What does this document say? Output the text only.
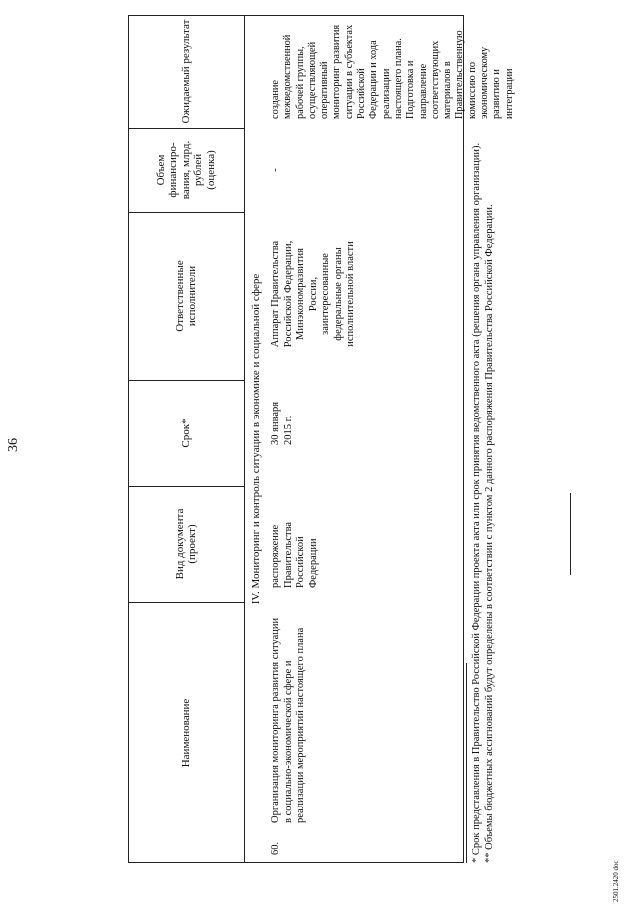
36
Наименование
Вид документа (проект)
Срок*
Ответственные исполнители
Объем финансиро-вания, млрд. рублей (оценка)
Ожидаемый результат
IV. Мониторинг и контроль ситуации в экономике и социальной сфере
60.
Организация мониторинга развития ситуации в социально-экономической сфере и реализации мероприятий настоящего плана
распоряжение Правительства Российской Федерации
30 января 2015 г.
Аппарат Правительства Российской Федерации, Минэкономразвития России, заинтересованные федеральные органы исполнительной власти
-
создание межведомственной рабочей группы, осуществляющей оперативный мониторинг развития ситуации в субъектах Российской Федерации и хода реализации настоящего плана. Подготовка и направление соответствующих материалов в Правительственную комиссию по экономическому развитию и интеграции

* Срок представления в Правительство Российской Федерации проекта акта или срок принятия ведомственного акта (решения органа управления организации). ** Объемы бюджетных ассигнований будут определены в соответствии с пунктом 2 данного распоряжения Правительства Российской Федерации.

2501.2420 doc
